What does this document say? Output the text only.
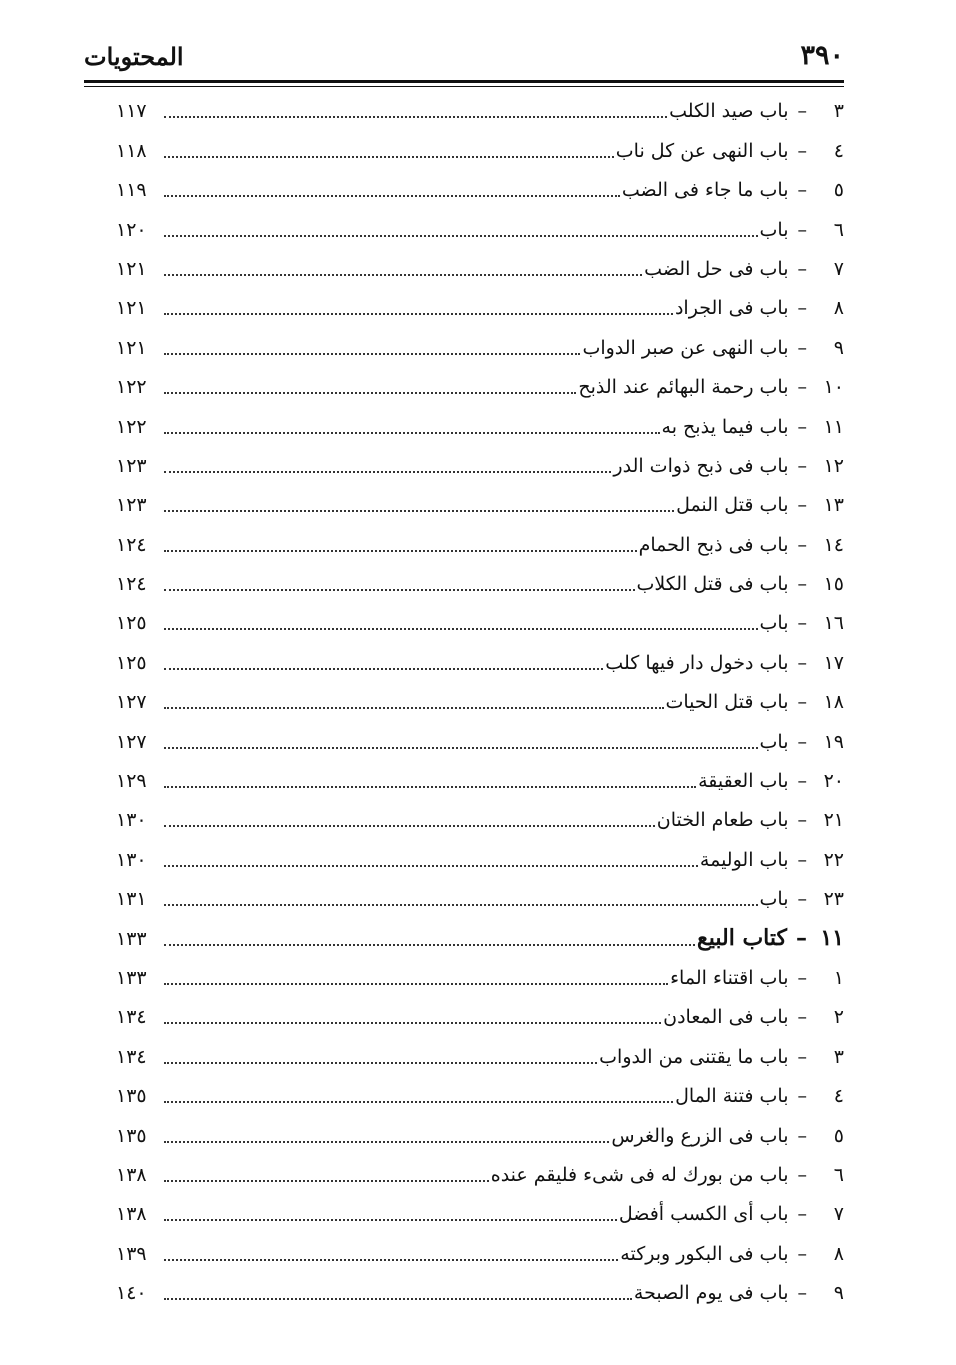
٣٩٠
المحتويات
٣
–
باب صيد الكلب
١١٧
٤
–
باب النهى عن كل ناب
١١٨
٥
–
باب ما جاء فى الضب
١١٩
٦
–
باب
١٢٠
٧
–
باب فى حل الضب
١٢١
٨
–
باب فى الجراد
١٢١
٩
–
باب النهى عن صبر الدواب
١٢١
١٠
–
باب رحمة البهائم عند الذبح
١٢٢
١١
–
باب فيما يذبح به
١٢٢
١٢
–
باب فى ذبح ذوات الدر
١٢٣
١٣
–
باب قتل النمل
١٢٣
١٤
–
باب فى ذبح الحمام
١٢٤
١٥
–
باب فى قتل الكلاب
١٢٤
١٦
–
باب
١٢٥
١٧
–
باب دخول دار فيها كلب
١٢٥
١٨
–
باب قتل الحيات
١٢٧
١٩
–
باب
١٢٧
٢٠
–
باب العقيقة
١٢٩
٢١
–
باب طعام الختان
١٣٠
٢٢
–
باب الوليمة
١٣٠
٢٣
–
باب
١٣١
١١
–
كتاب البيع
١٣٣
١
–
باب اقتناء الماء
١٣٣
٢
–
باب فى المعادن
١٣٤
٣
–
باب ما يقتنى من الدواب
١٣٤
٤
–
باب فتنة المال
١٣٥
٥
–
باب فى الزرع والغرس
١٣٥
٦
–
باب من بورك له فى شىء فليقم عنده
١٣٨
٧
–
باب أى الكسب أفضل
١٣٨
٨
–
باب فى البكور وبركته
١٣٩
٩
–
باب فى يوم الصبحة
١٤٠
